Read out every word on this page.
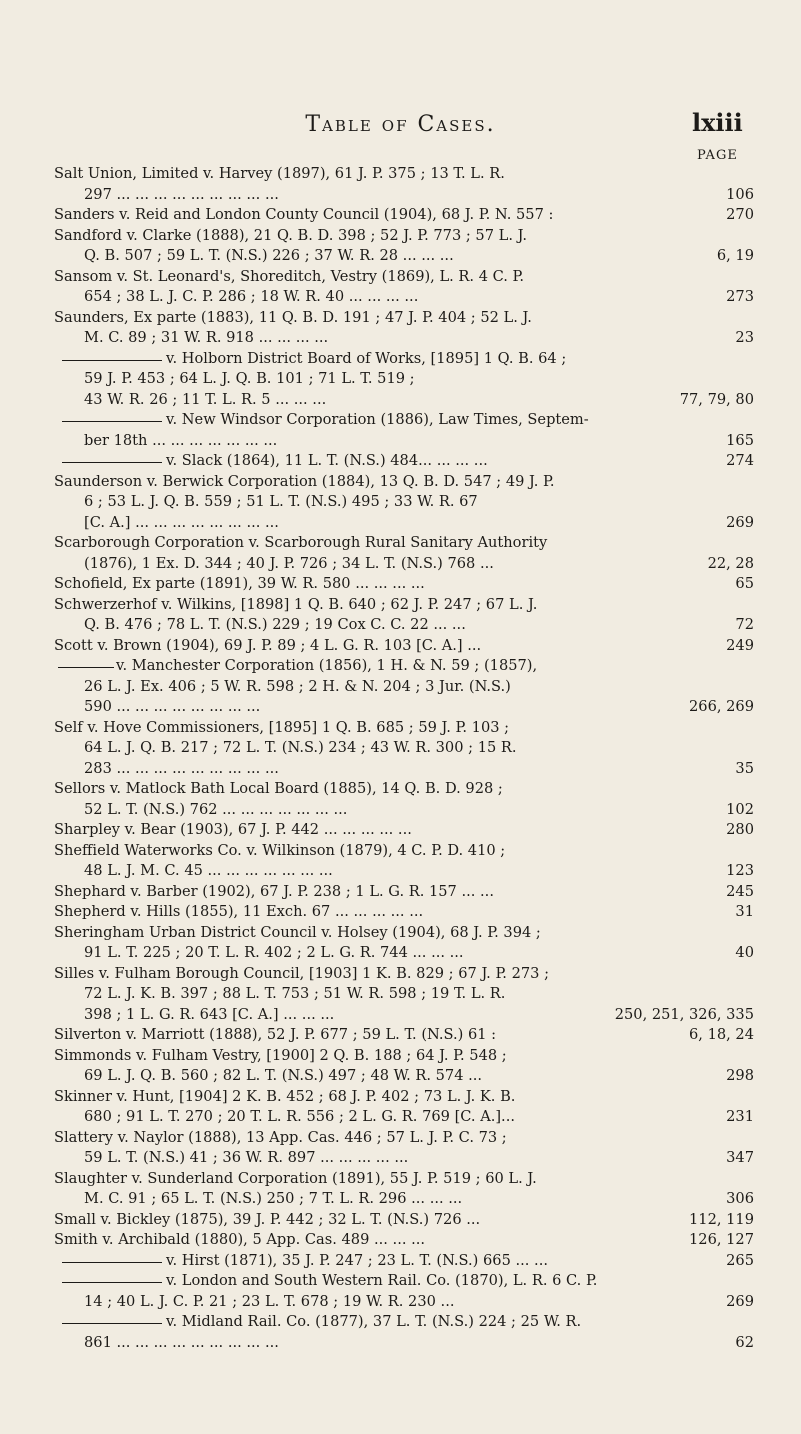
Table of Cases.	lxiii
PAGE
Salt Union, Limited v. Harvey (1897), 61 J. P. 375 ; 13 T. L. R.
297 ... ... ... ... ... ... ... ... ...	106
Sanders v. Reid and London County Council (1904), 68 J. P. N. 557 :	270
Sandford v. Clarke (1888), 21 Q. B. D. 398 ; 52 J. P. 773 ; 57 L. J.
Q. B. 507 ; 59 L. T. (N.S.) 226 ; 37 W. R. 28 ... ... ...	6, 19
Sansom v. St. Leonard's, Shoreditch, Vestry (1869), L. R. 4 C. P.
654 ; 38 L. J. C. P. 286 ; 18 W. R. 40 ... ... ... ...	273
Saunders, Ex parte (1883), 11 Q. B. D. 191 ; 47 J. P. 404 ; 52 L. J.
M. C. 89 ; 31 W. R. 918 ... ... ... ...	23
v. Holborn District Board of Works, [1895] 1 Q. B. 64 ;
59 J. P. 453 ; 64 L. J. Q. B. 101 ; 71 L. T. 519 ;
43 W. R. 26 ; 11 T. L. R. 5 ... ... ...	77, 79, 80
v. New Windsor Corporation (1886), Law Times, Septem-
ber 18th ... ... ... ... ... ... ...	165
v. Slack (1864), 11 L. T. (N.S.) 484... ... ... ...	274
Saunderson v. Berwick Corporation (1884), 13 Q. B. D. 547 ; 49 J. P.
6 ; 53 L. J. Q. B. 559 ; 51 L. T. (N.S.) 495 ; 33 W. R. 67
[C. A.] ... ... ... ... ... ... ... ...	269
Scarborough Corporation v. Scarborough Rural Sanitary Authority
(1876), 1 Ex. D. 344 ; 40 J. P. 726 ; 34 L. T. (N.S.) 768 ...	22, 28
Schofield, Ex parte (1891), 39 W. R. 580 ... ... ... ...	65
Schwerzerhof v. Wilkins, [1898] 1 Q. B. 640 ; 62 J. P. 247 ; 67 L. J.
Q. B. 476 ; 78 L. T. (N.S.) 229 ; 19 Cox C. C. 22 ... ...	72
Scott v. Brown (1904), 69 J. P. 89 ; 4 L. G. R. 103 [C. A.] ...	249
v. Manchester Corporation (1856), 1 H. & N. 59 ; (1857),
26 L. J. Ex. 406 ; 5 W. R. 598 ; 2 H. & N. 204 ; 3 Jur. (N.S.)
590 ... ... ... ... ... ... ... ...	266, 269
Self v. Hove Commissioners, [1895] 1 Q. B. 685 ; 59 J. P. 103 ;
64 L. J. Q. B. 217 ; 72 L. T. (N.S.) 234 ; 43 W. R. 300 ; 15 R.
283 ... ... ... ... ... ... ... ... ...	35
Sellors v. Matlock Bath Local Board (1885), 14 Q. B. D. 928 ;
52 L. T. (N.S.) 762 ... ... ... ... ... ... ...	102
Sharpley v. Bear (1903), 67 J. P. 442 ... ... ... ... ...	280
Sheffield Waterworks Co. v. Wilkinson (1879), 4 C. P. D. 410 ;
48 L. J. M. C. 45 ... ... ... ... ... ... ...	123
Shephard v. Barber (1902), 67 J. P. 238 ; 1 L. G. R. 157 ... ...	245
Shepherd v. Hills (1855), 11 Exch. 67 ... ... ... ... ...	31
Sheringham Urban District Council v. Holsey (1904), 68 J. P. 394 ;
91 L. T. 225 ; 20 T. L. R. 402 ; 2 L. G. R. 744 ... ... ...	40
Silles v. Fulham Borough Council, [1903] 1 K. B. 829 ; 67 J. P. 273 ;
72 L. J. K. B. 397 ; 88 L. T. 753 ; 51 W. R. 598 ; 19 T. L. R.
398 ; 1 L. G. R. 643 [C. A.] ... ... ...	250, 251, 326, 335
Silverton v. Marriott (1888), 52 J. P. 677 ; 59 L. T. (N.S.) 61 :	6, 18, 24
Simmonds v. Fulham Vestry, [1900] 2 Q. B. 188 ; 64 J. P. 548 ;
69 L. J. Q. B. 560 ; 82 L. T. (N.S.) 497 ; 48 W. R. 574 ...	298
Skinner v. Hunt, [1904] 2 K. B. 452 ; 68 J. P. 402 ; 73 L. J. K. B.
680 ; 91 L. T. 270 ; 20 T. L. R. 556 ; 2 L. G. R. 769 [C. A.]...	231
Slattery v. Naylor (1888), 13 App. Cas. 446 ; 57 L. J. P. C. 73 ;
59 L. T. (N.S.) 41 ; 36 W. R. 897 ... ... ... ... ...	347
Slaughter v. Sunderland Corporation (1891), 55 J. P. 519 ; 60 L. J.
M. C. 91 ; 65 L. T. (N.S.) 250 ; 7 T. L. R. 296 ... ... ...	306
Small v. Bickley (1875), 39 J. P. 442 ; 32 L. T. (N.S.) 726 ...	112, 119
Smith v. Archibald (1880), 5 App. Cas. 489 ... ... ...	126, 127
v. Hirst (1871), 35 J. P. 247 ; 23 L. T. (N.S.) 665 ... ...	265
v. London and South Western Rail. Co. (1870), L. R. 6 C. P.
14 ; 40 L. J. C. P. 21 ; 23 L. T. 678 ; 19 W. R. 230 ...	269
v. Midland Rail. Co. (1877), 37 L. T. (N.S.) 224 ; 25 W. R.
861 ... ... ... ... ... ... ... ... ...	62
